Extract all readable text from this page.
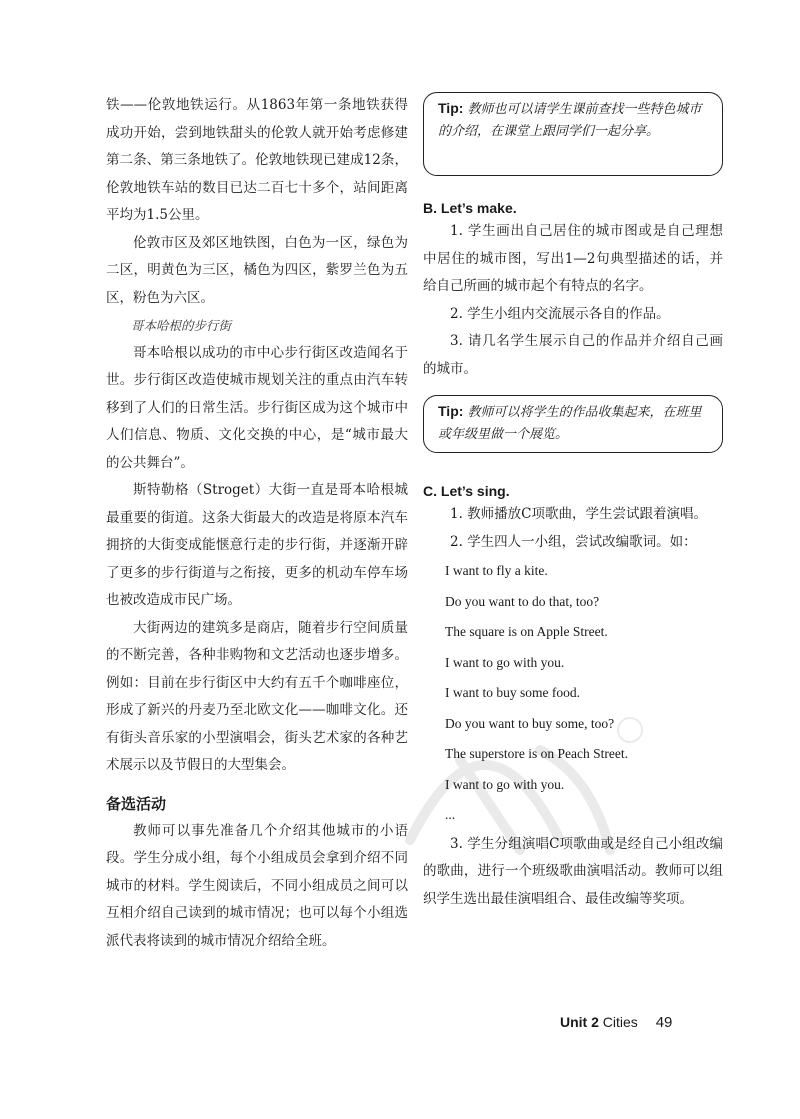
铁——伦敦地铁运行。从1863年第一条地铁获得成功开始，尝到地铁甜头的伦敦人就开始考虑修建第二条、第三条地铁了。伦敦地铁现已建成12条，伦敦地铁车站的数目已达二百七十多个，站间距离平均为1.5公里。

伦敦市区及郊区地铁图，白色为一区，绿色为二区，明黄色为三区，橘色为四区，紫罗兰色为五区，粉色为六区。

哥本哈根的步行街

哥本哈根以成功的市中心步行街区改造闻名于世。步行街区改造使城市规划关注的重点由汽车转移到了人们的日常生活。步行街区成为这个城市中人们信息、物质、文化交换的中心，是“城市最大的公共舞台”。

斯特勒格（Stroget）大街一直是哥本哈根城最重要的街道。这条大街最大的改造是将原本汽车拥挤的大街变成能惬意行走的步行街，并逐渐开辟了更多的步行街道与之衔接，更多的机动车停车场也被改造成市民广场。

大街两边的建筑多是商店，随着步行空间质量的不断完善，各种非购物和文艺活动也逐步增多。例如：目前在步行街区中大约有五千个咖啡座位，形成了新兴的丹麦乃至北欧文化——咖啡文化。还有街头音乐家的小型演唱会，街头艺术家的各种艺术展示以及节假日的大型集会。

备选活动

教师可以事先准备几个介绍其他城市的小语段。学生分成小组，每个小组成员会拿到介绍不同城市的材料。学生阅读后，不同小组成员之间可以互相介绍自己读到的城市情况；也可以每个小组选派代表将读到的城市情况介绍给全班。

Tip: 教师也可以请学生课前查找一些特色城市的介绍，在课堂上跟同学们一起分享。
B. Let’s make.

1. 学生画出自己居住的城市图或是自己理想中居住的城市图，写出1—2句典型描述的话，并给自己所画的城市起个有特点的名字。

2. 学生小组内交流展示各自的作品。

3. 请几名学生展示自己的作品并介绍自己画的城市。

Tip: 教师可以将学生的作品收集起来，在班里或年级里做一个展览。
C. Let’s sing.

1. 教师播放C项歌曲，学生尝试跟着演唱。

2. 学生四人一小组，尝试改编歌词。如：

I want to fly a kite.

Do you want to do that, too?

The square is on Apple Street.

I want to go with you.

I want to buy some food.

Do you want to buy some, too?

The superstore is on Peach Street.

I want to go with you.

...

3. 学生分组演唱C项歌曲或是经自己小组改编的歌曲，进行一个班级歌曲演唱活动。教师可以组织学生选出最佳演唱组合、最佳改编等奖项。

Unit 2 Cities 49
